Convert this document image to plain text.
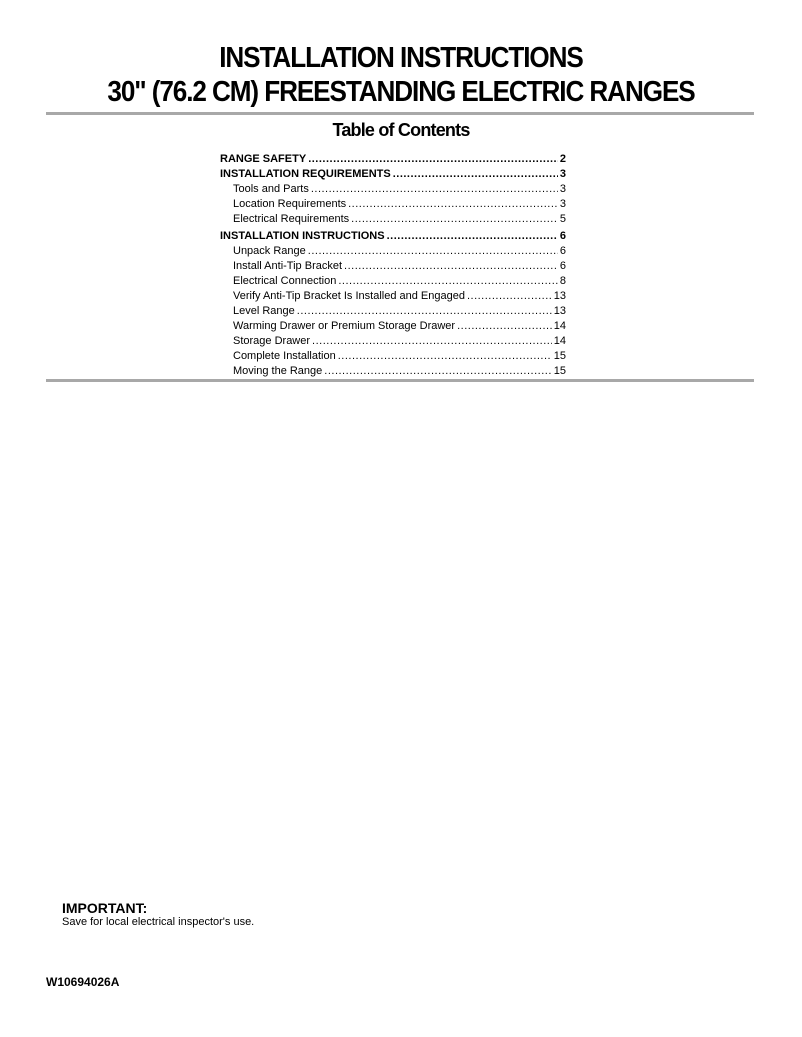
INSTALLATION INSTRUCTIONS
30" (76.2 CM) FREESTANDING ELECTRIC RANGES
Table of Contents
RANGE SAFETY .....	2
INSTALLATION REQUIREMENTS .....	3
Tools and Parts .....	3
Location Requirements .....	3
Electrical Requirements .....	5
INSTALLATION INSTRUCTIONS .....	6
Unpack Range .....	6
Install Anti-Tip Bracket .....	6
Electrical Connection .....	8
Verify Anti-Tip Bracket Is Installed and Engaged .....	13
Level Range .....	13
Warming Drawer or Premium Storage Drawer .....	14
Storage Drawer .....	14
Complete Installation .....	15
Moving the Range .....	15
IMPORTANT:
Save for local electrical inspector's use.
W10694026A
